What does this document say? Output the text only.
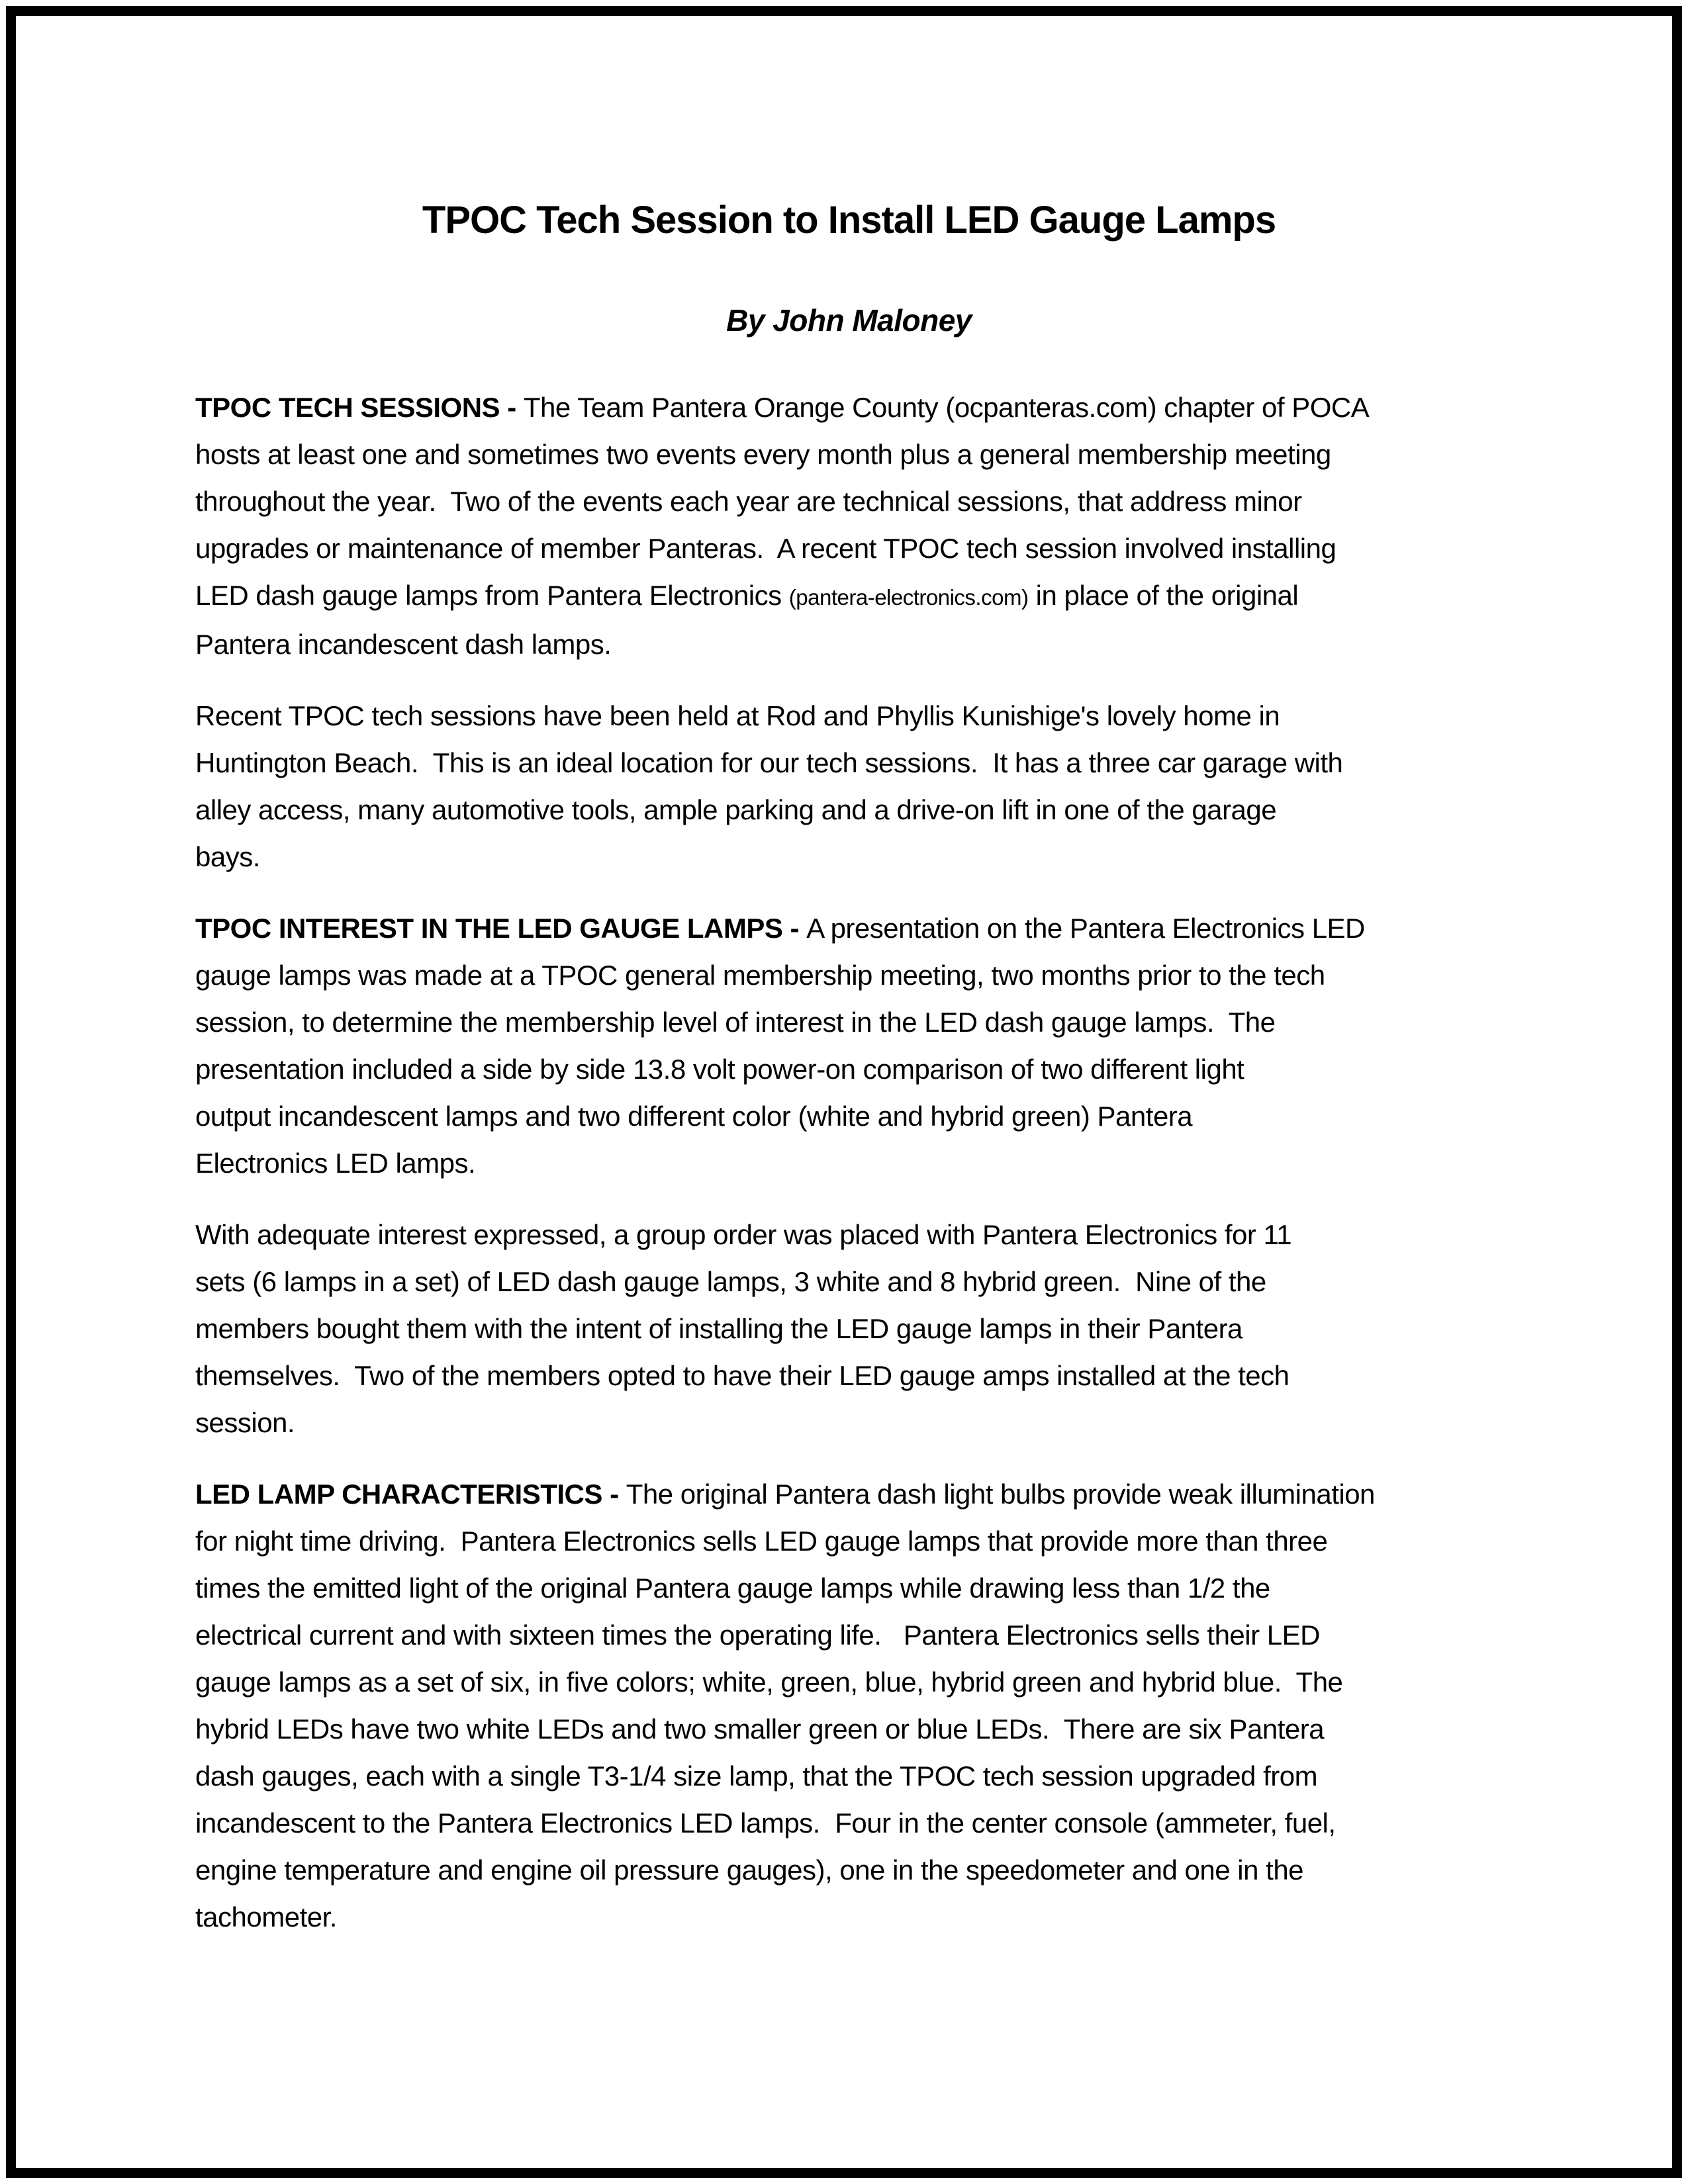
TPOC Tech Session to Install LED Gauge Lamps
By John Maloney
TPOC TECH SESSIONS - The Team Pantera Orange County (ocpanteras.com) chapter of POCA
hosts at least one and sometimes two events every month plus a general membership meeting
throughout the year.  Two of the events each year are technical sessions, that address minor
upgrades or maintenance of member Panteras.  A recent TPOC tech session involved installing
LED dash gauge lamps from Pantera Electronics (pantera-electronics.com) in place of the original
Pantera incandescent dash lamps.
Recent TPOC tech sessions have been held at Rod and Phyllis Kunishige's lovely home in
Huntington Beach.  This is an ideal location for our tech sessions.  It has a three car garage with
alley access, many automotive tools, ample parking and a drive-on lift in one of the garage
bays.
TPOC INTEREST IN THE LED GAUGE LAMPS - A presentation on the Pantera Electronics LED
gauge lamps was made at a TPOC general membership meeting, two months prior to the tech
session, to determine the membership level of interest in the LED dash gauge lamps.  The
presentation included a side by side 13.8 volt power-on comparison of two different light
output incandescent lamps and two different color (white and hybrid green) Pantera
Electronics LED lamps.
With adequate interest expressed, a group order was placed with Pantera Electronics for 11
sets (6 lamps in a set) of LED dash gauge lamps, 3 white and 8 hybrid green.  Nine of the
members bought them with the intent of installing the LED gauge lamps in their Pantera
themselves.  Two of the members opted to have their LED gauge amps installed at the tech
session.
LED LAMP CHARACTERISTICS - The original Pantera dash light bulbs provide weak illumination
for night time driving.  Pantera Electronics sells LED gauge lamps that provide more than three
times the emitted light of the original Pantera gauge lamps while drawing less than 1/2 the
electrical current and with sixteen times the operating life.   Pantera Electronics sells their LED
gauge lamps as a set of six, in five colors; white, green, blue, hybrid green and hybrid blue.  The
hybrid LEDs have two white LEDs and two smaller green or blue LEDs.  There are six Pantera
dash gauges, each with a single T3-1/4 size lamp, that the TPOC tech session upgraded from
incandescent to the Pantera Electronics LED lamps.  Four in the center console (ammeter, fuel,
engine temperature and engine oil pressure gauges), one in the speedometer and one in the
tachometer.
